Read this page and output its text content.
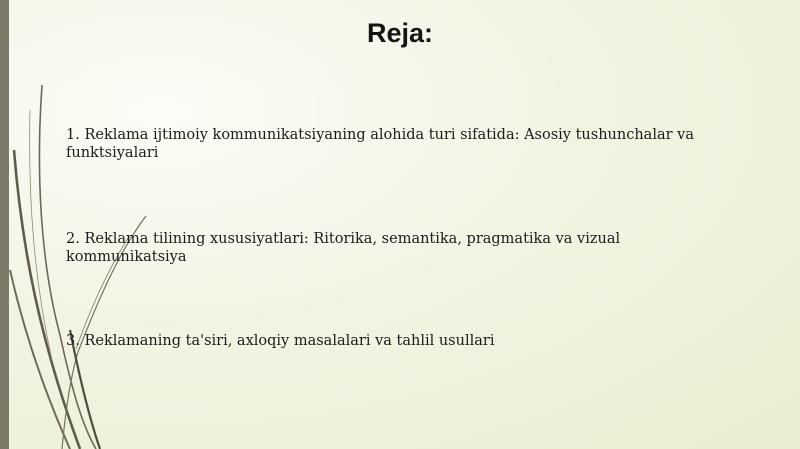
Reja:
1. Reklama ijtimoiy kommunikatsiyaning alohida turi sifatida: Asosiy tushunchalar va funktsiyalari
2. Reklama tilining xususiyatlari: Ritorika, semantika, pragmatika va vizual kommunikatsiya
3. Reklamaning ta'siri, axloqiy masalalari va tahlil usullari
